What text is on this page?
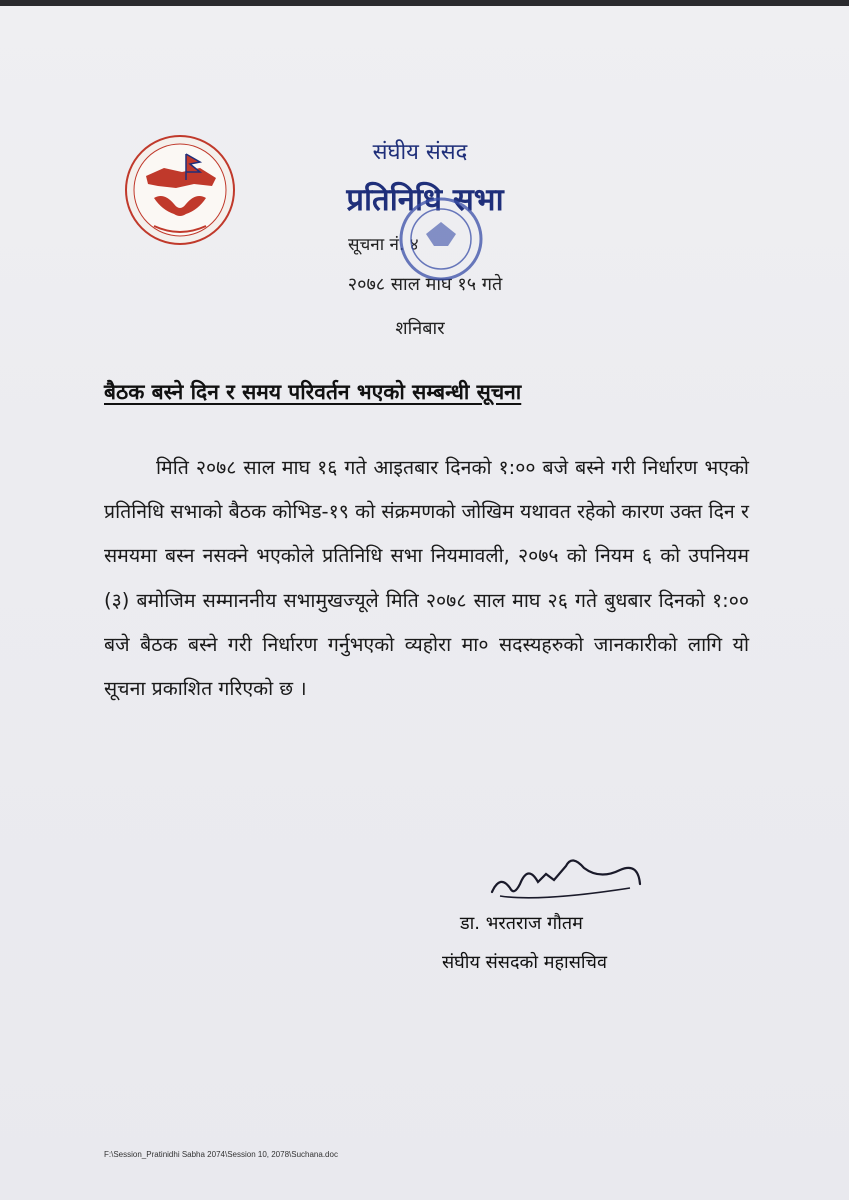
संघीय संसद
प्रतिनिधि सभा
सूचना नं. ४
२०७८ साल माघ १५ गते
शनिबार
बैठक बस्ने दिन र समय परिवर्तन भएको सम्बन्धी सूचना

मिति २०७८ साल माघ १६ गते आइतबार दिनको १:०० बजे बस्ने गरी निर्धारण भएको प्रतिनिधि सभाको बैठक कोभिड-१९ को संक्रमणको जोखिम यथावत रहेको कारण उक्त दिन र समयमा बस्न नसक्ने भएकोले प्रतिनिधि सभा नियमावली, २०७५ को नियम ६ को उपनियम (३) बमोजिम सम्माननीय सभामुखज्यूले मिति २०७८ साल माघ २६ गते बुधबार दिनको १:०० बजे बैठक बस्ने गरी निर्धारण गर्नुभएको व्यहोरा मा० सदस्यहरुको जानकारीको लागि यो सूचना प्रकाशित गरिएको छ ।

डा. भरतराज गौतम
संघीय संसदको महासचिव
F:\Session_Pratinidhi Sabha 2074\Session 10, 2078\Suchana.doc
